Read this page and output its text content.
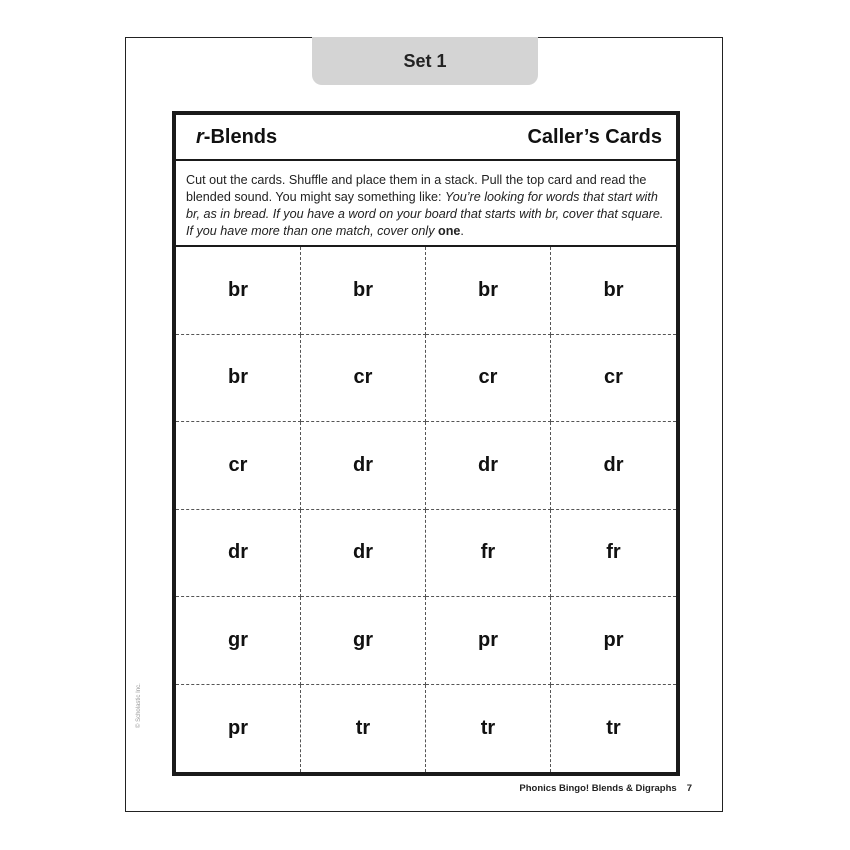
Set 1
r-Blends	Caller’s Cards
Cut out the cards. Shuffle and place them in a stack. Pull the top card and read the blended sound. You might say something like: You’re looking for words that start with br, as in bread. If you have a word on your board that starts with br, cover that square. If you have more than one match, cover only one.
br	br	br	br
br	cr	cr	cr
cr	dr	dr	dr
dr	dr	fr	fr
gr	gr	pr	pr
pr	tr	tr	tr
Phonics Bingo! Blends & Digraphs 7
© Scholastic Inc.
